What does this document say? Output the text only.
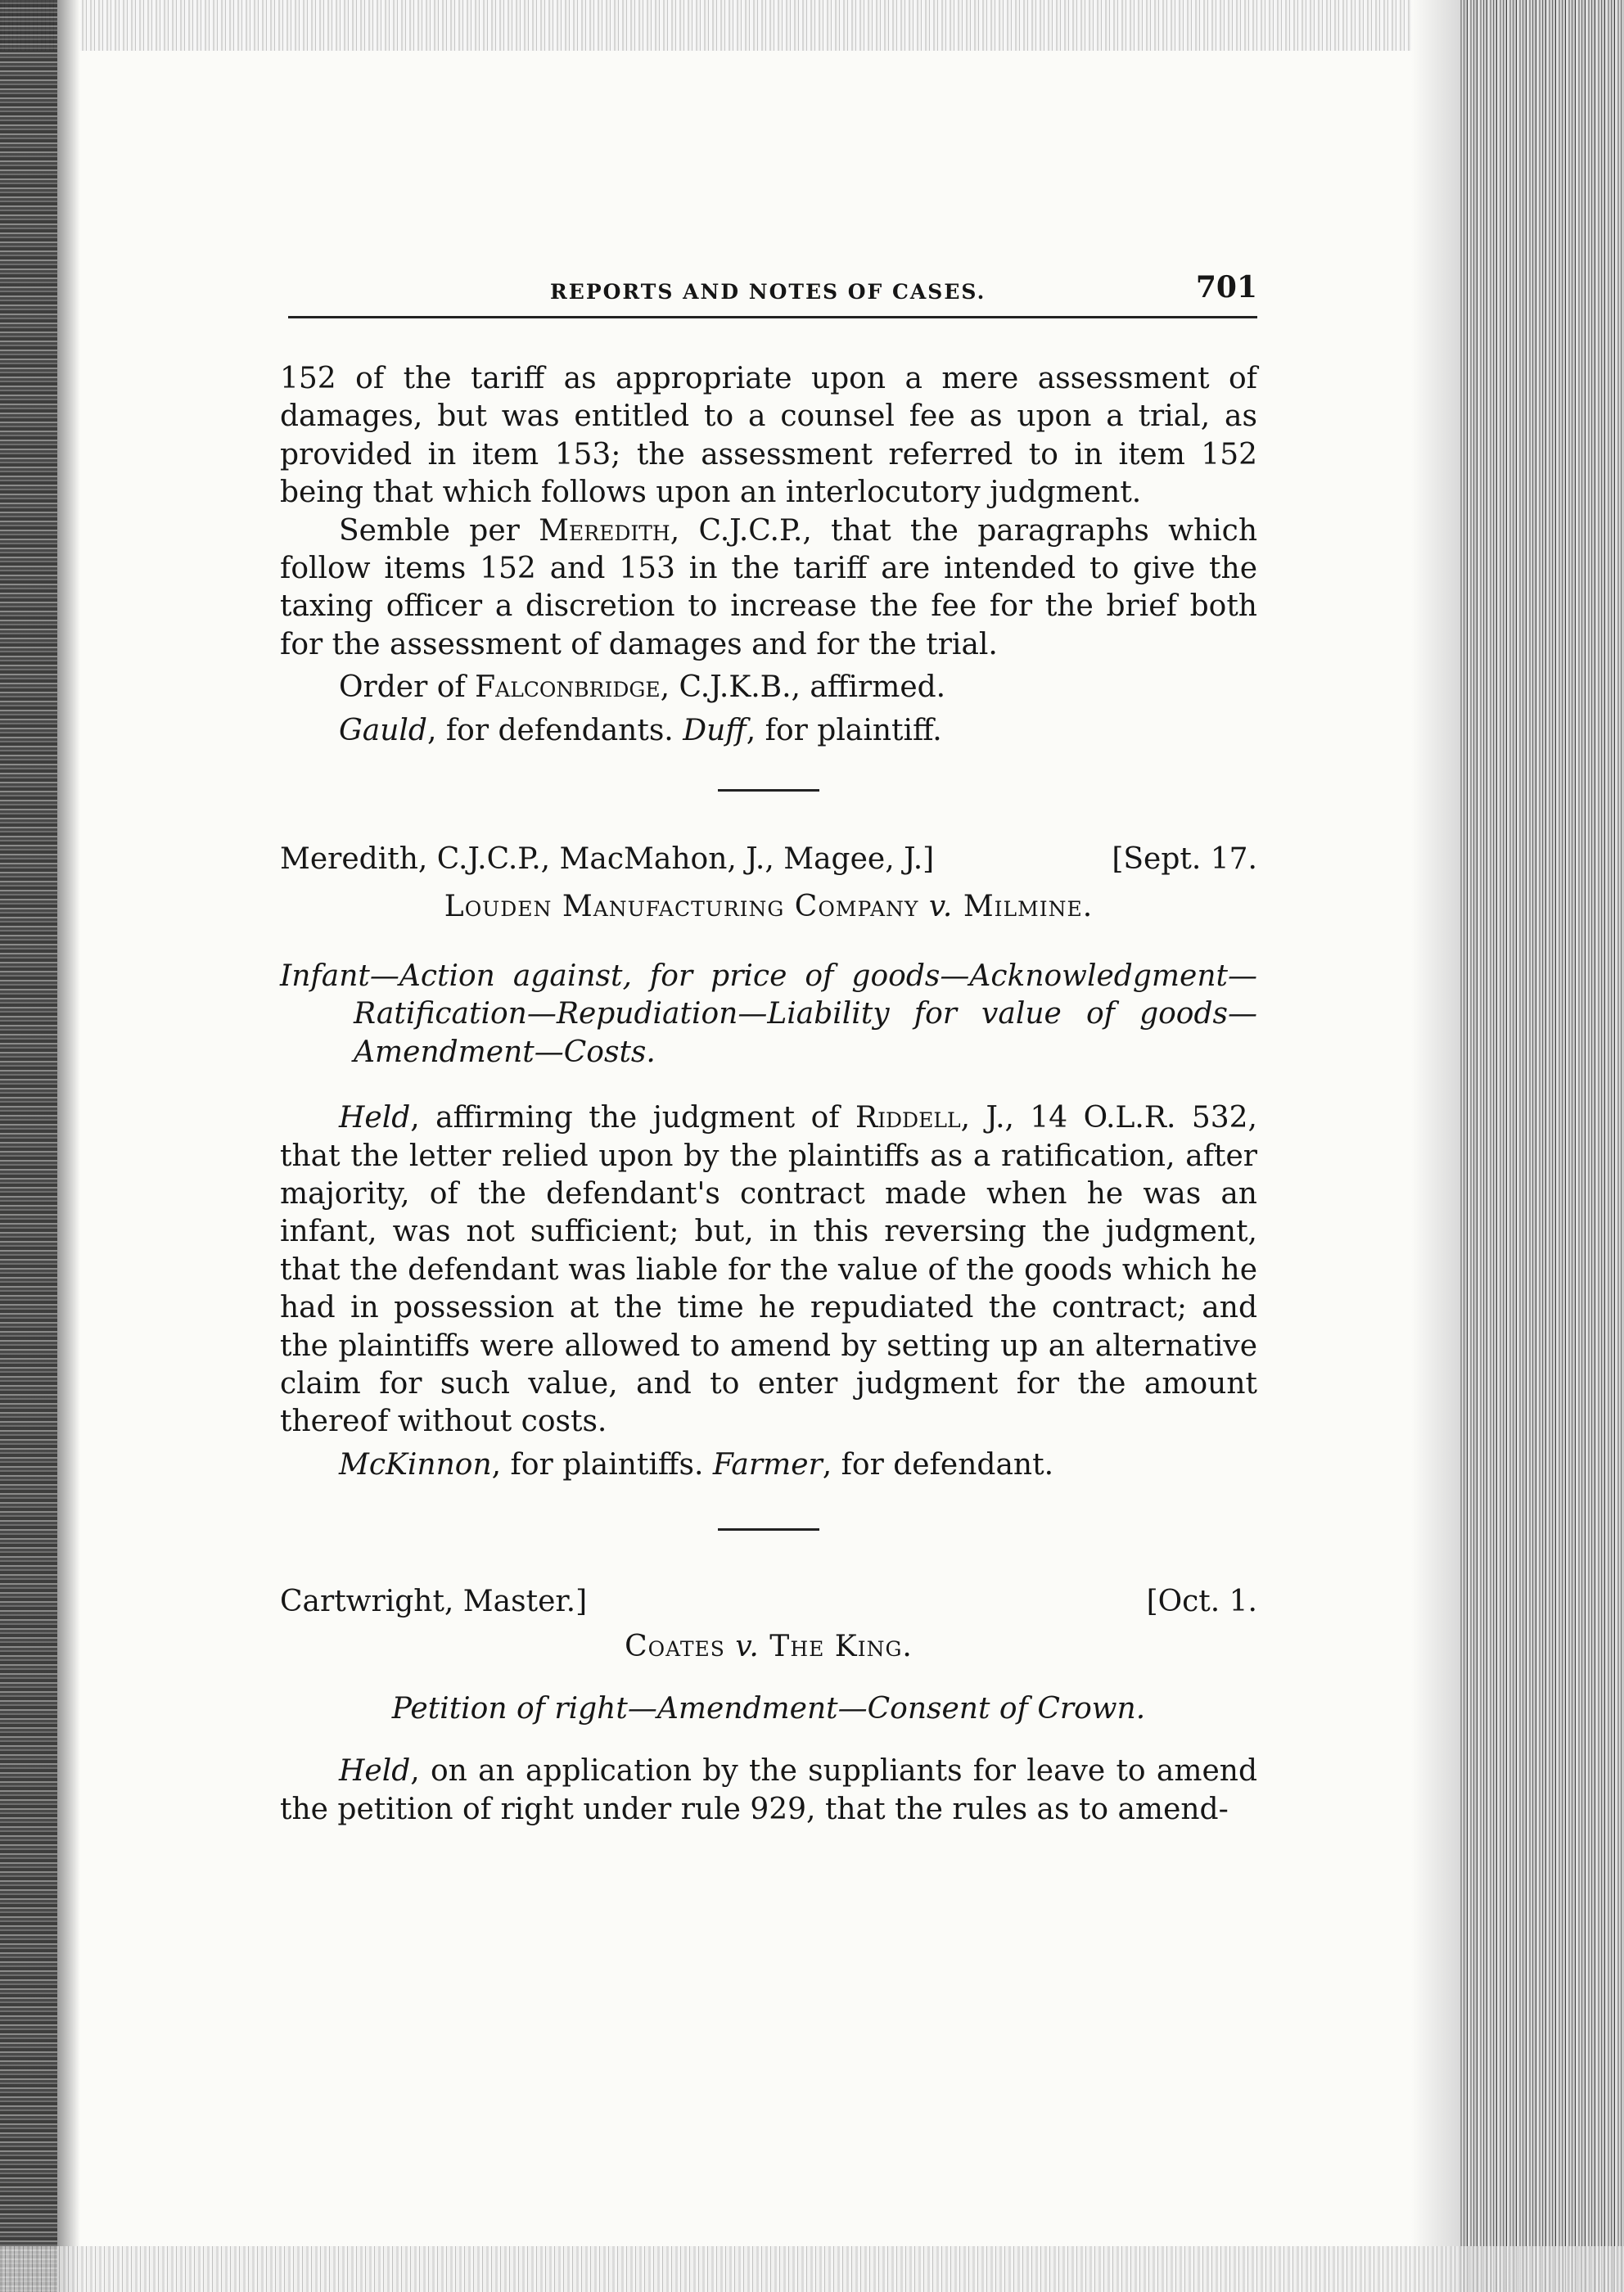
REPORTS AND NOTES OF CASES.	701

152 of the tariff as appropriate upon a mere assessment of damages, but was entitled to a counsel fee as upon a trial, as provided in item 153; the assessment referred to in item 152 being that which follows upon an interlocutory judgment.

Semble per Meredith, C.J.C.P., that the paragraphs which follow items 152 and 153 in the tariff are intended to give the taxing officer a discretion to increase the fee for the brief both for the assessment of damages and for the trial.

Order of Falconbridge, C.J.K.B., affirmed.

Gauld, for defendants. Duff, for plaintiff.

Meredith, C.J.C.P., MacMahon, J., Magee, J.]	[Sept. 17.

Louden Manufacturing Company v. Milmine.

Infant—Action against, for price of goods—Acknowledgment—Ratification—Repudiation—Liability for value of goods—Amendment—Costs.

Held, affirming the judgment of Riddell, J., 14 O.L.R. 532, that the letter relied upon by the plaintiffs as a ratification, after majority, of the defendant's contract made when he was an infant, was not sufficient; but, in this reversing the judgment, that the defendant was liable for the value of the goods which he had in possession at the time he repudiated the contract; and the plaintiffs were allowed to amend by setting up an alternative claim for such value, and to enter judgment for the amount thereof without costs.

McKinnon, for plaintiffs. Farmer, for defendant.

Cartwright, Master.]	[Oct. 1.

Coates v. The King.

Petition of right—Amendment—Consent of Crown.

Held, on an application by the suppliants for leave to amend the petition of right under rule 929, that the rules as to amend-
